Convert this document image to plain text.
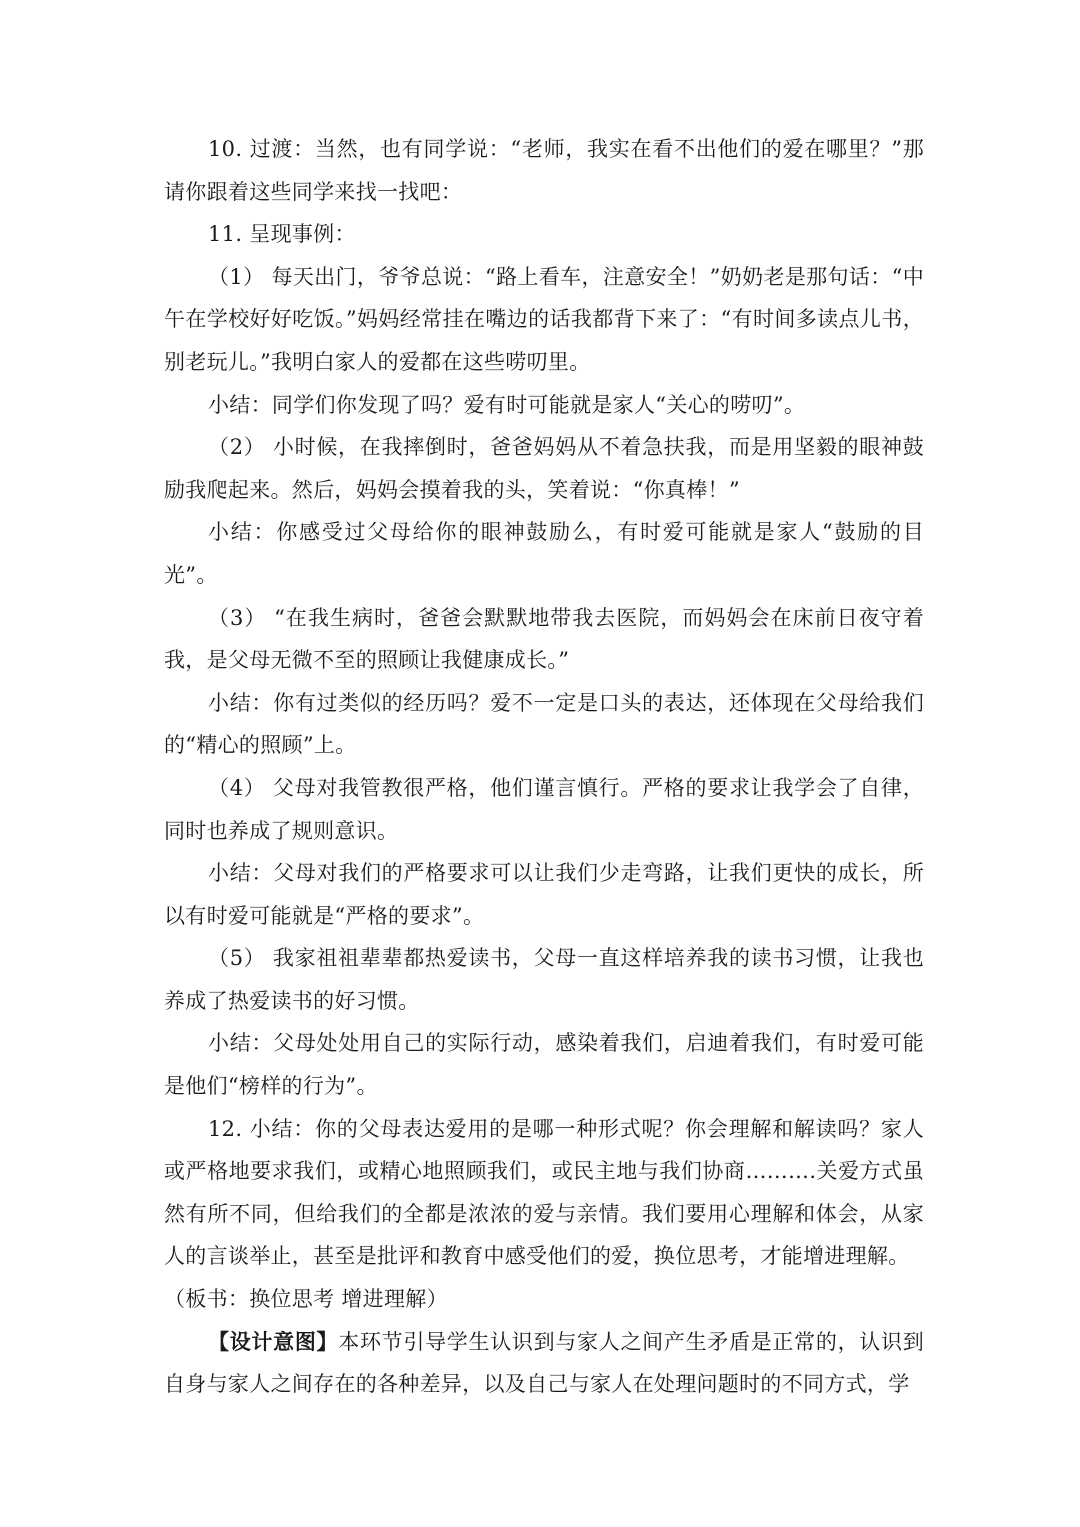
10. 过渡：当然，也有同学说：“老师，我实在看不出他们的爱在哪里？”那请你跟着这些同学来找一找吧：

11. 呈现事例：

（1） 每天出门，爷爷总说：“路上看车，注意安全！”奶奶老是那句话：“中午在学校好好吃饭。”妈妈经常挂在嘴边的话我都背下来了：“有时间多读点儿书，别老玩儿。”我明白家人的爱都在这些唠叨里。

小结：同学们你发现了吗？爱有时可能就是家人“关心的唠叨”。

（2） 小时候，在我摔倒时，爸爸妈妈从不着急扶我，而是用坚毅的眼神鼓励我爬起来。然后，妈妈会摸着我的头，笑着说：“你真棒！”

小结：你感受过父母给你的眼神鼓励么，有时爱可能就是家人“鼓励的目光”。

（3） “在我生病时，爸爸会默默地带我去医院，而妈妈会在床前日夜守着我，是父母无微不至的照顾让我健康成长。”

小结：你有过类似的经历吗？爱不一定是口头的表达，还体现在父母给我们的“精心的照顾”上。

（4） 父母对我管教很严格，他们谨言慎行。严格的要求让我学会了自律，同时也养成了规则意识。

小结：父母对我们的严格要求可以让我们少走弯路，让我们更快的成长，所以有时爱可能就是“严格的要求”。

（5） 我家祖祖辈辈都热爱读书，父母一直这样培养我的读书习惯，让我也养成了热爱读书的好习惯。

小结：父母处处用自己的实际行动，感染着我们，启迪着我们，有时爱可能是他们“榜样的行为”。

12. 小结：你的父母表达爱用的是哪一种形式呢？你会理解和解读吗？家人或严格地要求我们，或精心地照顾我们，或民主地与我们协商……….关爱方式虽然有所不同，但给我们的全都是浓浓的爱与亲情。我们要用心理解和体会，从家人的言谈举止，甚至是批评和教育中感受他们的爱，换位思考，才能增进理解。

（板书：换位思考 增进理解）

【设计意图】本环节引导学生认识到与家人之间产生矛盾是正常的，认识到自身与家人之间存在的各种差异，以及自己与家人在处理问题时的不同方式，学
